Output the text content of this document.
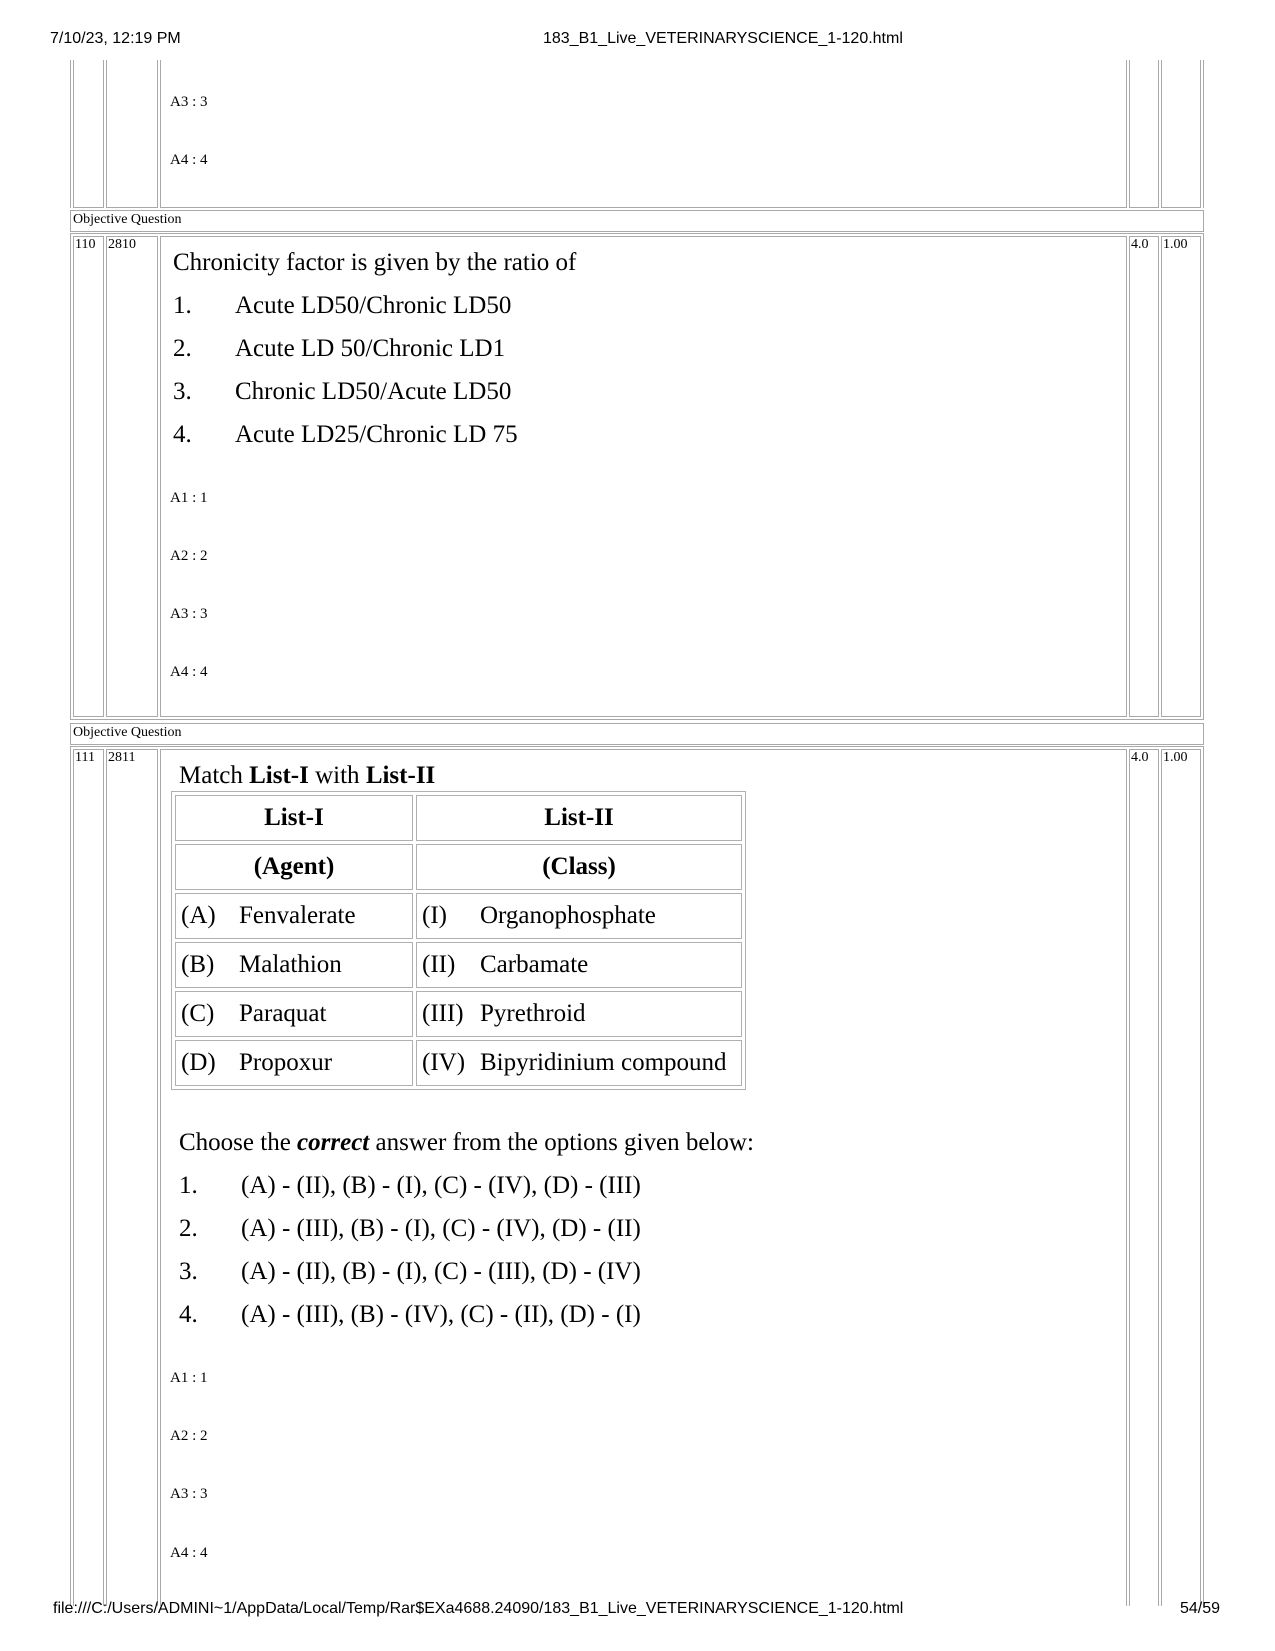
7/10/23, 12:19 PM	183_B1_Live_VETERINARYSCIENCE_1-120.html
A3 : 3
A4 : 4
Objective Question
110 2810	4.0 1.00
Chronicity factor is given by the ratio of
1. Acute LD50/Chronic LD50
2. Acute LD 50/Chronic LD1
3. Chronic LD50/Acute LD50
4. Acute LD25/Chronic LD 75
A1 : 1
A2 : 2
A3 : 3
A4 : 4
Objective Question
111 2811	4.0 1.00
Match List-I with List-II
List-I	List-II
(Agent)	(Class)
(A) Fenvalerate	(I) Organophosphate
(B) Malathion	(II) Carbamate
(C) Paraquat	(III) Pyrethroid
(D) Propoxur	(IV) Bipyridinium compound
Choose the correct answer from the options given below:
1. (A) - (II), (B) - (I), (C) - (IV), (D) - (III)
2. (A) - (III), (B) - (I), (C) - (IV), (D) - (II)
3. (A) - (II), (B) - (I), (C) - (III), (D) - (IV)
4. (A) - (III), (B) - (IV), (C) - (II), (D) - (I)
A1 : 1
A2 : 2
A3 : 3
A4 : 4
file:///C:/Users/ADMINI~1/AppData/Local/Temp/Rar$EXa4688.24090/183_B1_Live_VETERINARYSCIENCE_1-120.html	54/59
